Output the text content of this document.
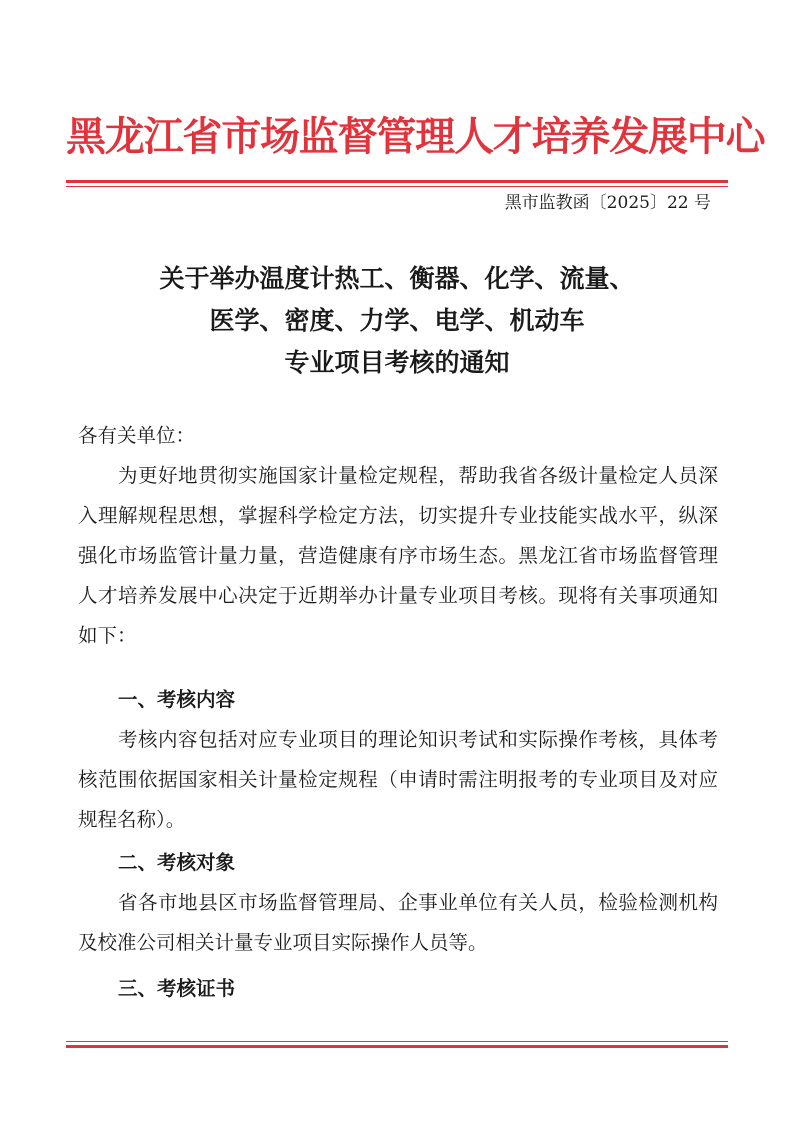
黑龙江省市场监督管理人才培养发展中心
黑市监教函〔2025〕22 号
关于举办温度计热工、衡器、化学、流量、
医学、密度、力学、电学、机动车
专业项目考核的通知
各有关单位：
为更好地贯彻实施国家计量检定规程，帮助我省各级计量检定人员深入理解规程思想，掌握科学检定方法，切实提升专业技能实战水平，纵深强化市场监管计量力量，营造健康有序市场生态。黑龙江省市场监督管理人才培养发展中心决定于近期举办计量专业项目考核。现将有关事项通知如下：
一、考核内容
考核内容包括对应专业项目的理论知识考试和实际操作考核，具体考核范围依据国家相关计量检定规程（申请时需注明报考的专业项目及对应规程名称）。
二、考核对象
省各市地县区市场监督管理局、企事业单位有关人员，检验检测机构及校准公司相关计量专业项目实际操作人员等。
三、考核证书
